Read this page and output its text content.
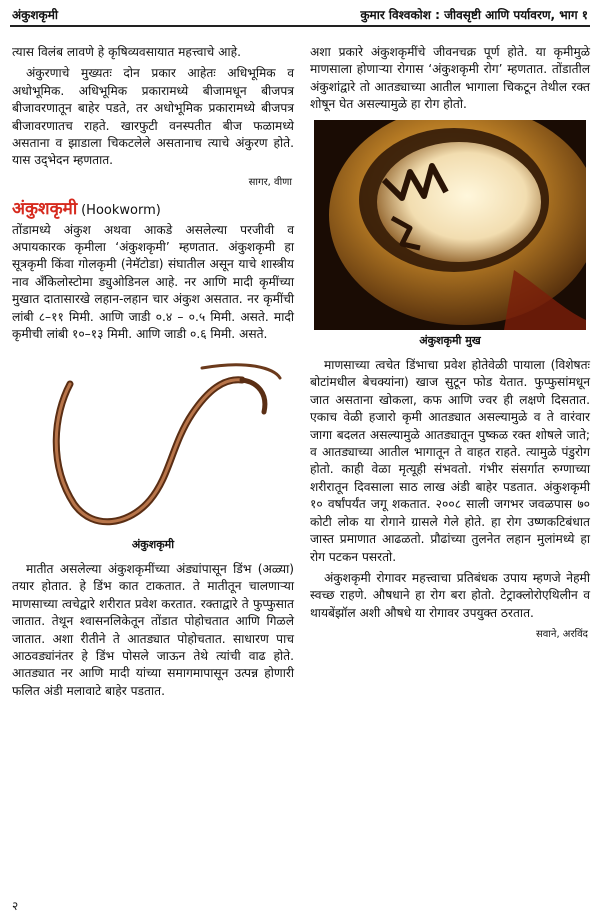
अंकुशकृमी	कुमार विश्वकोश : जीवसृष्टी आणि पर्यावरण, भाग १

त्यास विलंब लावणे हे कृषिव्यवसायात महत्त्वाचे आहे.

अंकुरणाचे मुख्यतः दोन प्रकार आहेतः अधिभूमिक व अधोभूमिक. अधिभूमिक प्रकारामध्ये बीजामधून बीजपत्र बीजावरणातून बाहेर पडते, तर अधोभूमिक प्रकारामध्ये बीजपत्र बीजावरणातच राहते. खारफुटी वनस्पतीत बीज फळामध्ये असताना व झाडाला चिकटलेले असतानाच त्याचे अंकुरण होते. यास उद्‌भेदन म्हणतात.

सागर, वीणा
अंकुशकृमी (Hookworm)

तोंडामध्ये अंकुश अथवा आकडे असलेल्या परजीवी व अपायकारक कृमीला ‘अंकुशकृमी’ म्हणतात. अंकुशकृमी हा सूत्रकृमी किंवा गोलकृमी (नेमॅटोडा) संघातील असून याचे शास्त्रीय नाव ॲंकिलोस्टोमा ड्युओडिनल आहे. नर आणि मादी कृमींच्या मुखात दातासारखे लहान-लहान चार अंकुश असतात. नर कृमींची लांबी ८–११ मिमी. आणि जाडी ०.४ – ०.५ मिमी. असते. मादी कृमीची लांबी १०–१३ मिमी. आणि जाडी ०.६ मिमी. असते.

अंकुशकृमी

मातीत असलेल्या अंकुशकृमींच्या अंड्यांपासून डिंभ (अळ्या) तयार होतात. हे डिंभ कात टाकतात. ते मातीतून चालणाऱ्या माणसाच्या त्वचेद्वारे शरीरात प्रवेश करतात. रक्ताद्वारे ते फुप्फुसात जातात. तेथून श्वासनलिकेतून तोंडात पोहोचतात आणि गिळले जातात. अशा रीतीने ते आतड्यात पोहोचतात. साधारण पाच आठवड्यांनंतर हे डिंभ पोसले जाऊन तेथे त्यांची वाढ होते. आतड्यात नर आणि मादी यांच्या समागमापासून उत्पन्न होणारी फलित अंडी मलावाटे बाहेर पडतात.

अशा प्रकारे अंकुशकृमींचे जीवनचक्र पूर्ण होते. या कृमीमुळे माणसाला होणाऱ्या रोगास ‘अंकुशकृमी रोग’ म्हणतात. तोंडातील अंकुशांद्वारे तो आतड्याच्या आतील भागाला चिकटून तेथील रक्त शोषून घेत असल्यामुळे हा रोग होतो.

अंकुशकृमी मुख

माणसाच्या त्वचेत डिंभाचा प्रवेश होतेवेळी पायाला (विशेषतः बोटांमधील बेचक्यांना) खाज सुटून फोड येतात. फुप्फुसांमधून जात असताना खोकला, कफ आणि ज्वर ही लक्षणे दिसतात. एकाच वेळी हजारो कृमी आतड्यात असल्यामुळे व ते वारंवार जागा बदलत असल्यामुळे आतड्यातून पुष्कळ रक्त शोषले जाते; व आतड्याच्या आतील भागातून ते वाहत राहते. त्यामुळे पंडुरोग होतो. काही वेळा मृत्यूही संभवतो. गंभीर संसर्गात रुग्णाच्या शरीरातून दिवसाला साठ लाख अंडी बाहेर पडतात. अंकुशकृमी १० वर्षांपर्यंत जगू शकतात. २००८ साली जगभर जवळपास ७० कोटी लोक या रोगाने ग्रासले गेले होते. हा रोग उष्णकटिबंधात जास्त प्रमाणात आढळतो. प्रौढांच्या तुलनेत लहान मुलांमध्ये हा रोग पटकन पसरतो.

अंकुशकृमी रोगावर महत्त्वाचा प्रतिबंधक उपाय म्हणजे नेहमी स्वच्छ राहणे. औषधाने हा रोग बरा होतो. टेट्राक्लोरोएथिलीन व थायबेंझॉल अशी औषधे या रोगावर उपयुक्त ठरतात.

सवाने, अरविंद
२
